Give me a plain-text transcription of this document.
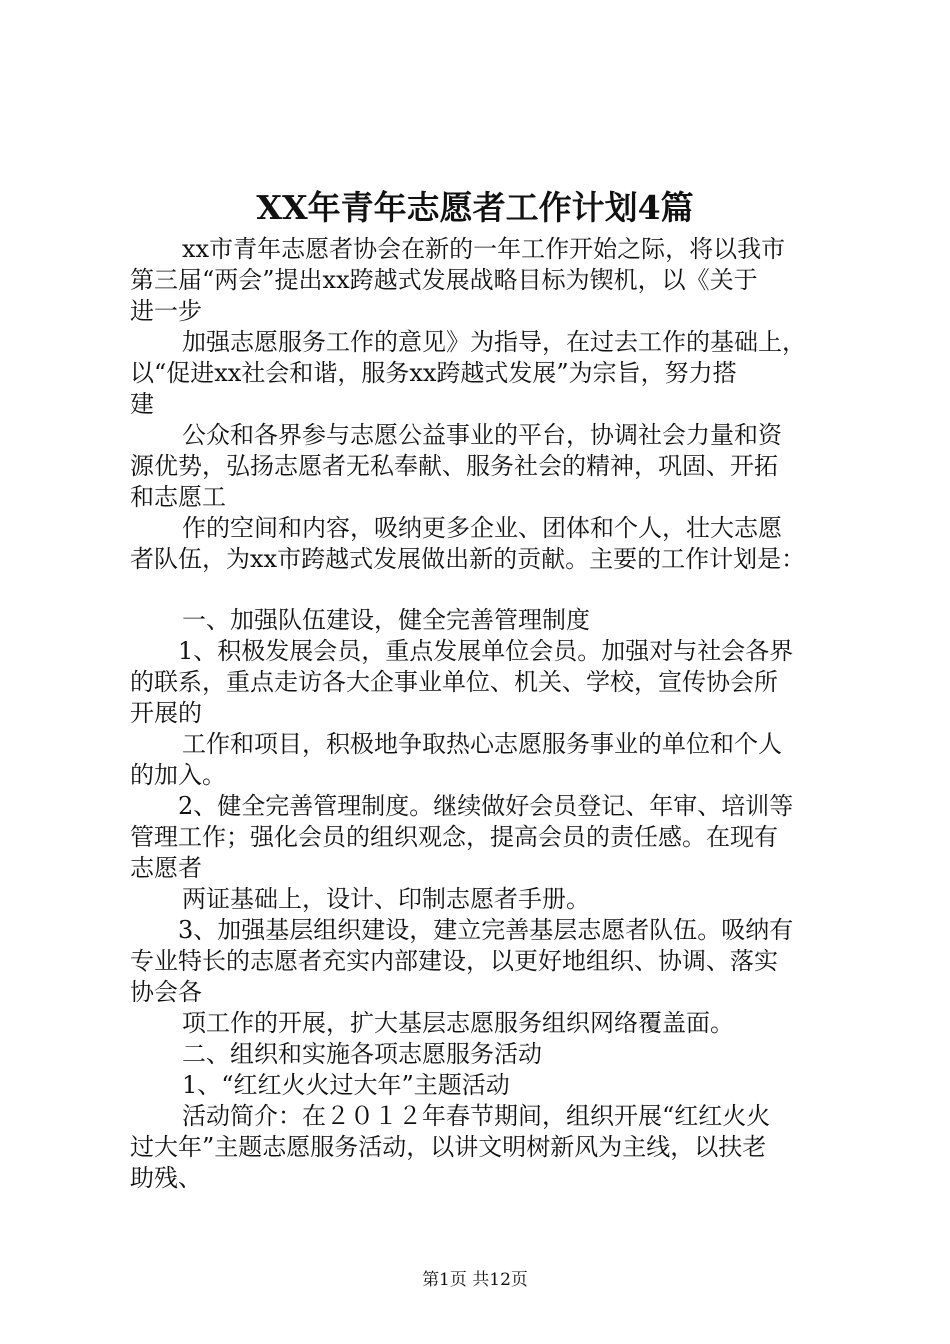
XX年青年志愿者工作计划4篇
xx市青年志愿者协会在新的一年工作开始之际，将以我市
第三届“两会”提出xx跨越式发展战略目标为锲机，以《关于
进一步
加强志愿服务工作的意见》为指导，在过去工作的基础上，
以“促进xx社会和谐，服务xx跨越式发展”为宗旨，努力搭
建
公众和各界参与志愿公益事业的平台，协调社会力量和资
源优势，弘扬志愿者无私奉献、服务社会的精神，巩固、开拓
和志愿工
作的空间和内容，吸纳更多企业、团体和个人，壮大志愿
者队伍，为xx市跨越式发展做出新的贡献。主要的工作计划是：
一、加强队伍建设，健全完善管理制度
1、积极发展会员，重点发展单位会员。加强对与社会各界
的联系，重点走访各大企事业单位、机关、学校，宣传协会所
开展的
工作和项目，积极地争取热心志愿服务事业的单位和个人
的加入。
2、健全完善管理制度。继续做好会员登记、年审、培训等
管理工作；强化会员的组织观念，提高会员的责任感。在现有
志愿者
两证基础上，设计、印制志愿者手册。
3、加强基层组织建设，建立完善基层志愿者队伍。吸纳有
专业特长的志愿者充实内部建设，以更好地组织、协调、落实
协会各
项工作的开展，扩大基层志愿服务组织网络覆盖面。
二、组织和实施各项志愿服务活动
1、“红红火火过大年”主题活动
活动简介：在２０１２年春节期间，组织开展“红红火火
过大年”主题志愿服务活动，以讲文明树新风为主线，以扶老
助残、
第1页 共12页
